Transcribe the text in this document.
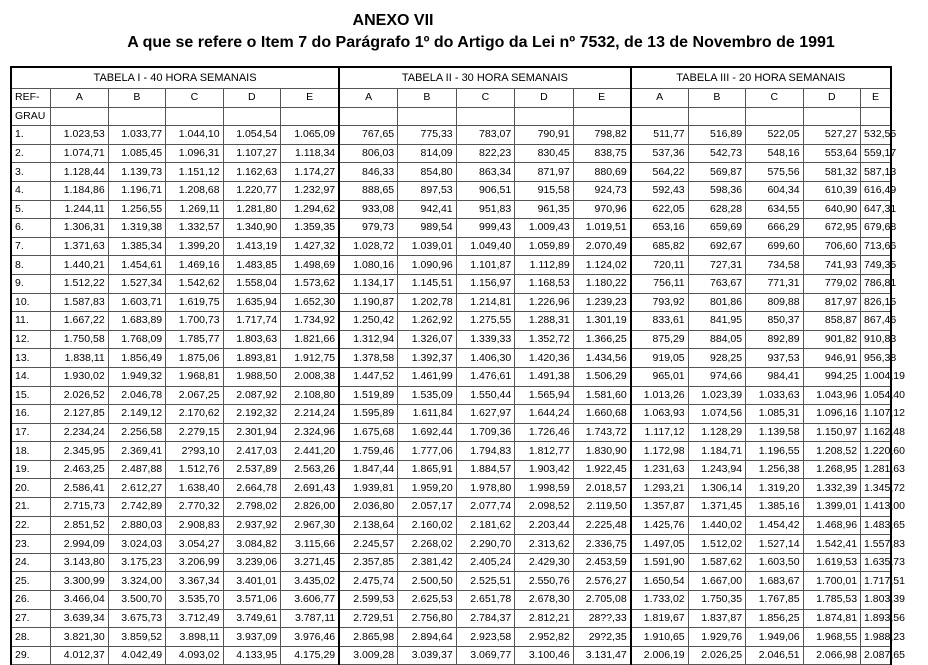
ANEXO VII
A que se refere o Item 7 do Parágrafo 1º do Artigo da Lei nº 7532, de 13 de Novembro de 1991
TABELA I - 40 HORA SEMANAIS						TABELA II - 30 HORA SEMANAIS					TABELA III - 20 HORA SEMANAIS				
REF-	A	B	C	D	E	A	B	C	D	E	A	B	C	D	E
GRAU															
1.	1.023,53	1.033,77	1.044,10	1.054,54	1.065,09	767,65	775,33	783,07	790,91	798,82	511,77	516,89	522,05	527,27	532,55
2.	1.074,71	1.085,45	1.096,31	1.107,27	1.118,34	806,03	814,09	822,23	830,45	838,75	537,36	542,73	548,16	553,64	559,17
3.	1.128,44	1.139,73	1.151,12	1.162,63	1.174,27	846,33	854,80	863,34	871,97	880,69	564,22	569,87	575,56	581,32	587,13
4.	1.184,86	1.196,71	1.208,68	1.220,77	1.232,97	888,65	897,53	906,51	915,58	924,73	592,43	598,36	604,34	610,39	616,49
5.	1.244,11	1.256,55	1.269,11	1.281,80	1.294,62	933,08	942,41	951,83	961,35	970,96	622,05	628,28	634,55	640,90	647,31
6.	1.306,31	1.319,38	1.332,57	1.340,90	1.359,35	979,73	989,54	999,43	1.009,43	1.019,51	653,16	659,69	666,29	672,95	679,68
7.	1.371,63	1.385,34	1.399,20	1.413,19	1.427,32	1.028,72	1.039,01	1.049,40	1.059,89	2.070,49	685,82	692,67	699,60	706,60	713,66
8.	1.440,21	1.454,61	1.469,16	1.483,85	1.498,69	1.080,16	1.090,96	1.101,87	1.112,89	1.124,02	720,11	727,31	734,58	741,93	749,35
9.	1.512,22	1.527,34	1.542,62	1.558,04	1.573,62	1.134,17	1.145,51	1.156,97	1.168,53	1.180,22	756,11	763,67	771,31	779,02	786,81
10.	1.587,83	1.603,71	1.619,75	1.635,94	1.652,30	1.190,87	1.202,78	1.214,81	1.226,96	1.239,23	793,92	801,86	809,88	817,97	826,15
11.	1.667,22	1.683,89	1.700,73	1.717,74	1.734,92	1.250,42	1.262,92	1.275,55	1.288,31	1.301,19	833,61	841,95	850,37	858,87	867,46
12.	1.750,58	1.768,09	1.785,77	1.803,63	1.821,66	1.312,94	1.326,07	1.339,33	1.352,72	1.366,25	875,29	884,05	892,89	901,82	910,83
13.	1.838,11	1.856,49	1.875,06	1.893,81	1.912,75	1.378,58	1.392,37	1.406,30	1.420,36	1.434,56	919,05	928,25	937,53	946,91	956,38
14.	1.930,02	1.949,32	1.968,81	1.988,50	2.008,38	1.447,52	1.461,99	1.476,61	1.491,38	1.506,29	965,01	974,66	984,41	994,25	1.004,19
15.	2.026,52	2.046,78	2.067,25	2.087,92	2.108,80	1.519,89	1.535,09	1.550,44	1.565,94	1.581,60	1.013,26	1.023,39	1.033,63	1.043,96	1.054,40
16.	2.127,85	2.149,12	2.170,62	2.192,32	2.214,24	1.595,89	1.611,84	1.627,97	1.644,24	1.660,68	1.063,93	1.074,56	1.085,31	1.096,16	1.107,12
17.	2.234,24	2.256,58	2.279,15	2.301,94	2.324,96	1.675,68	1.692,44	1.709,36	1.726,46	1.743,72	1.117,12	1.128,29	1.139,58	1.150,97	1.162,48
18.	2.345,95	2.369,41	2?93,10	2.417,03	2.441,20	1.759,46	1.777,06	1.794,83	1.812,77	1.830,90	1.172,98	1.184,71	1.196,55	1.208,52	1.220,60
19.	2.463,25	2.487,88	1.512,76	2.537,89	2.563,26	1.847,44	1.865,91	1.884,57	1.903,42	1.922,45	1.231,63	1.243,94	1.256,38	1.268,95	1.281,63
20.	2.586,41	2.612,27	1.638,40	2.664,78	2.691,43	1.939,81	1.959,20	1.978,80	1.998,59	2.018,57	1.293,21	1.306,14	1.319,20	1.332,39	1.345,72
21.	2.715,73	2.742,89	2.770,32	2.798,02	2.826,00	2.036,80	2.057,17	2.077,74	2.098,52	2.119,50	1.357,87	1.371,45	1.385,16	1.399,01	1.413,00
22.	2.851,52	2.880,03	2.908,83	2.937,92	2.967,30	2.138,64	2.160,02	2.181,62	2.203,44	2.225,48	1.425,76	1.440,02	1.454,42	1.468,96	1.483,65
23.	2.994,09	3.024,03	3.054,27	3.084,82	3.115,66	2.245,57	2.268,02	2.290,70	2.313,62	2.336,75	1.497,05	1.512,02	1.527,14	1.542,41	1.557,83
24.	3.143,80	3.175,23	3.206,99	3.239,06	3.271,45	2.357,85	2.381,42	2.405,24	2.429,30	2.453,59	1.591,90	1.587,62	1.603,50	1.619,53	1.635,73
25.	3.300,99	3.324,00	3.367,34	3.401,01	3.435,02	2.475,74	2.500,50	2.525,51	2.550,76	2.576,27	1.650,54	1.667,00	1.683,67	1.700,01	1.717,51
26.	3.466,04	3.500,70	3.535,70	3.571,06	3.606,77	2.599,53	2.625,53	2.651,78	2.678,30	2.705,08	1.733,02	1.750,35	1.767,85	1.785,53	1.803,39
27.	3.639,34	3.675,73	3.712,49	3.749,61	3.787,11	2.729,51	2.756,80	2.784,37	2.812,21	28??,33	1.819,67	1.837,87	1.856,25	1.874,81	1.893,56
28.	3.821,30	3.859,52	3.898,11	3.937,09	3.976,46	2.865,98	2.894,64	2.923,58	2.952,82	29?2,35	1.910,65	1.929,76	1.949,06	1.968,55	1.988,23
29.	4.012,37	4.042,49	4.093,02	4.133,95	4.175,29	3.009,28	3.039,37	3.069,77	3.100,46	3.131,47	2.006,19	2.026,25	2.046,51	2.066,98	2.087,65
